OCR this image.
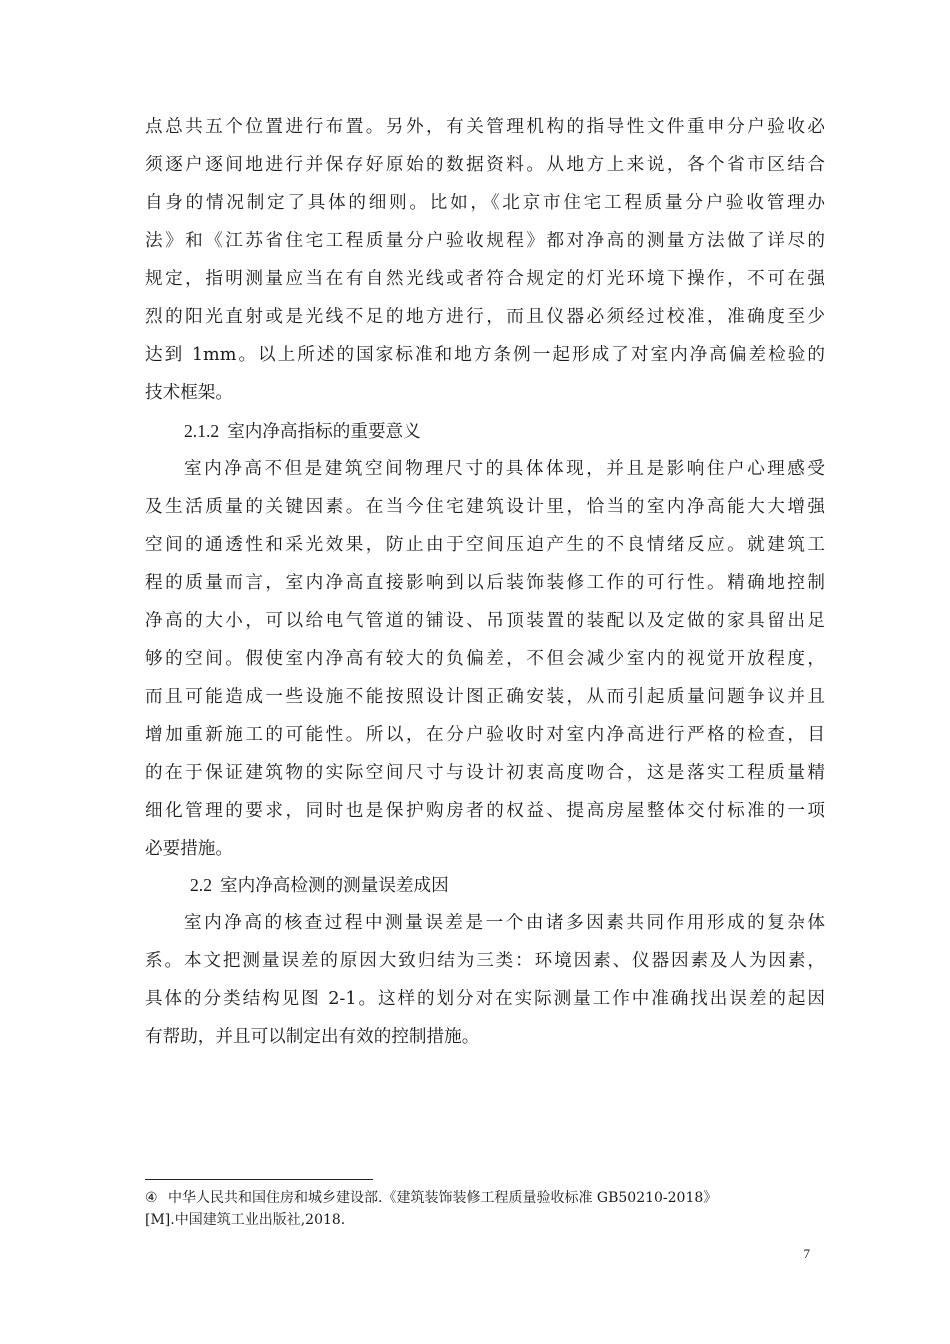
点总共五个位置进行布置。另外，有关管理机构的指导性文件重申分户验收必
须逐户逐间地进行并保存好原始的数据资料。从地方上来说，各个省市区结合
自身的情况制定了具体的细则。比如，《北京市住宅工程质量分户验收管理办
法》和《江苏省住宅工程质量分户验收规程》都对净高的测量方法做了详尽的
规定，指明测量应当在有自然光线或者符合规定的灯光环境下操作，不可在强
烈的阳光直射或是光线不足的地方进行，而且仪器必须经过校准，准确度至少
达到 1mm。以上所述的国家标准和地方条例一起形成了对室内净高偏差检验的
技术框架。
2.1.2 室内净高指标的重要意义
室内净高不但是建筑空间物理尺寸的具体体现，并且是影响住户心理感受
及生活质量的关键因素。在当今住宅建筑设计里，恰当的室内净高能大大增强
空间的通透性和采光效果，防止由于空间压迫产生的不良情绪反应。就建筑工
程的质量而言，室内净高直接影响到以后装饰装修工作的可行性。精确地控制
净高的大小，可以给电气管道的铺设、吊顶装置的装配以及定做的家具留出足
够的空间。假使室内净高有较大的负偏差，不但会减少室内的视觉开放程度，
而且可能造成一些设施不能按照设计图正确安装，从而引起质量问题争议并且
增加重新施工的可能性。所以，在分户验收时对室内净高进行严格的检查，目
的在于保证建筑物的实际空间尺寸与设计初衷高度吻合，这是落实工程质量精
细化管理的要求，同时也是保护购房者的权益、提高房屋整体交付标准的一项
必要措施。
2.2 室内净高检测的测量误差成因
室内净高的核查过程中测量误差是一个由诸多因素共同作用形成的复杂体
系。本文把测量误差的原因大致归结为三类：环境因素、仪器因素及人为因素，
具体的分类结构见图 2-1。这样的划分对在实际测量工作中准确找出误差的起因
有帮助，并且可以制定出有效的控制措施。
④ 中华人民共和国住房和城乡建设部.《建筑装饰装修工程质量验收标准 GB50210-2018》
[M].中国建筑工业出版社,2018.
7
